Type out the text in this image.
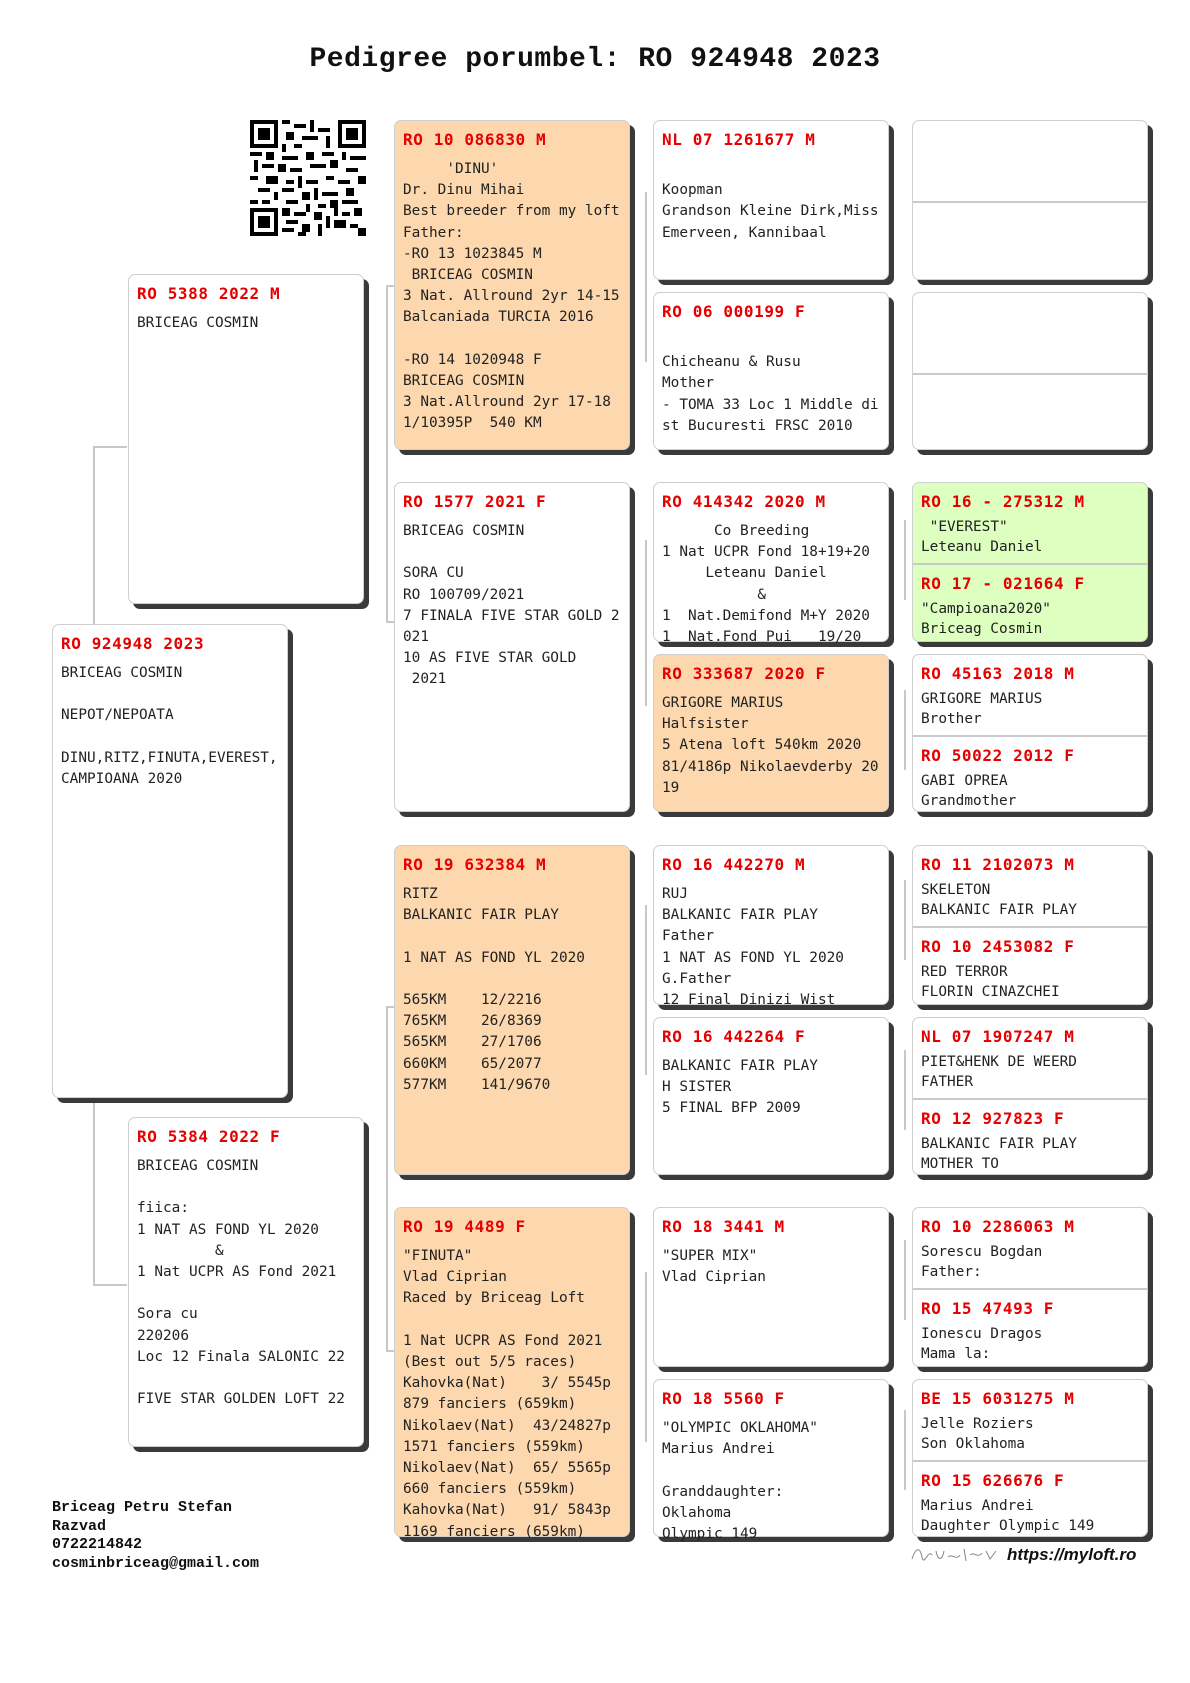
Pedigree porumbel: RO 924948 2023
RO 924948 2023
BRICEAG COSMIN

NEPOT/NEPOATA

DINU,RITZ,FINUTA,EVEREST,CAMPIOANA 2020
RO 5388 2022 M
BRICEAG COSMIN
RO 5384 2022 F
BRICEAG COSMIN

fiica:
1 NAT AS FOND YL 2020
&
1 Nat UCPR AS Fond 2021

Sora cu
220206
Loc 12 Finala SALONIC 22

FIVE STAR GOLDEN LOFT 22
RO 10 086830 M
'DINU'
Dr. Dinu Mihai
Best breeder from my loft
Father:
-RO 13 1023845 M
BRICEAG COSMIN
3 Nat. Allround 2yr 14-15 Balcaniada TURCIA 2016

-RO 14 1020948 F
BRICEAG COSMIN
3 Nat.Allround 2yr 17-18
1/10395P  540 KM
RO 1577 2021 F
BRICEAG COSMIN

SORA CU
RO 100709/2021
7 FINALA FIVE STAR GOLD 2021
10 AS FIVE STAR GOLD
2021
RO 19 632384 M
RITZ
BALKANIC FAIR PLAY

1 NAT AS FOND YL 2020

565KM    12/2216
765KM    26/8369
565KM    27/1706
660KM    65/2077
577KM    141/9670
RO 19 4489 F
"FINUTA"
Vlad Ciprian
Raced by Briceag Loft

1 Nat UCPR AS Fond 2021
(Best out 5/5 races)
Kahovka(Nat)    3/ 5545p
879 fanciers (659km)
Nikolaev(Nat)  43/24827p
1571 fanciers (559km)
Nikolaev(Nat)  65/ 5565p
660 fanciers (559km)
Kahovka(Nat)   91/ 5843p
1169 fanciers (659km)
NL 07 1261677 M

Koopman
Grandson Kleine Dirk,Miss Emerveen, Kannibaal
RO 06 000199 F

Chicheanu & Rusu
Mother
- TOMA 33 Loc 1 Middle dist Bucuresti FRSC 2010
RO 414342 2020 M
Co Breeding
1 Nat UCPR Fond 18+19+20
Leteanu Daniel
&
1  Nat.Demifond M+Y 2020
1  Nat.Fond Pui   19/20
RO 333687 2020 F
GRIGORE MARIUS
Halfsister
5 Atena loft 540km 2020
81/4186p Nikolaevderby 2019
RO 16 442270 M
RUJ
BALKANIC FAIR PLAY
Father
1 NAT AS FOND YL 2020
G.Father
12 Final Dinizi Wist
RO 16 442264 F
BALKANIC FAIR PLAY
H SISTER
5 FINAL BFP 2009
RO 18 3441 M
"SUPER MIX"
Vlad Ciprian
RO 18 5560 F
"OLYMPIC OKLAHOMA"
Marius Andrei

Granddaughter:
Oklahoma
Olympic 149
RO 16 - 275312 M
"EVEREST"
Leteanu Daniel
RO 17 - 021664 F
"Campioana2020"
Briceag Cosmin
RO 45163 2018 M
GRIGORE MARIUS
Brother
RO 50022 2012 F
GABI OPREA
Grandmother
RO 11 2102073 M
SKELETON
BALKANIC FAIR PLAY
RO 10 2453082 F
RED TERROR
FLORIN CINAZCHEI
NL 07 1907247 M
PIET&HENK DE WEERD
FATHER
RO 12 927823 F
BALKANIC FAIR PLAY
MOTHER TO
RO 10 2286063 M
Sorescu Bogdan
Father:
RO 15 47493 F
Ionescu Dragos
Mama la:
BE 15 6031275 M
Jelle Roziers
Son Oklahoma
RO 15 626676 F
Marius Andrei
Daughter Olympic 149
Briceag Petru Stefan
Razvad
0722214842
cosminbriceag@gmail.com	https://myloft.ro
